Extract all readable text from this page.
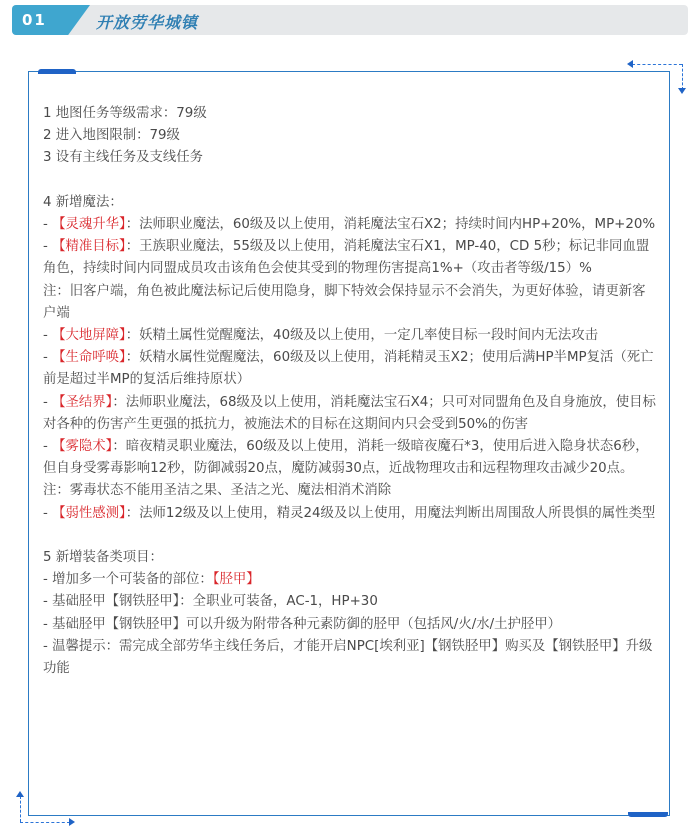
01	开放劳华城镇
1 地图任务等级需求：79级
2 进入地图限制：79级
3 设有主线任务及支线任务
4 新增魔法：
- 【灵魂升华】：法师职业魔法，60级及以上使用，消耗魔法宝石X2；持续时间内HP+20%，MP+20%
- 【精准目标】：王族职业魔法，55级及以上使用，消耗魔法宝石X1，MP-40，CD 5秒；标记非同血盟角色，持续时间内同盟成员攻击该角色会使其受到的物理伤害提高1%+（攻击者等级/15）%
注：旧客户端，角色被此魔法标记后使用隐身，脚下特效会保持显示不会消失，为更好体验，请更新客户端
- 【大地屏障】：妖精土属性觉醒魔法，40级及以上使用，一定几率使目标一段时间内无法攻击
- 【生命呼唤】：妖精水属性觉醒魔法，60级及以上使用，消耗精灵玉X2；使用后满HP半MP复活（死亡前是超过半MP的复活后维持原状）
- 【圣结界】：法师职业魔法，68级及以上使用，消耗魔法宝石X4；只可对同盟角色及自身施放，使目标对各种的伤害产生更强的抵抗力，被施法术的目标在这期间内只会受到50%的伤害
- 【雾隐术】：暗夜精灵职业魔法，60级及以上使用，消耗一级暗夜魔石*3，使用后进入隐身状态6秒，但自身受雾毒影响12秒，防御减弱20点，魔防减弱30点，近战物理攻击和远程物理攻击减少20点。注：雾毒状态不能用圣洁之果、圣洁之光、魔法相消术消除
- 【弱性感测】：法师12级及以上使用，精灵24级及以上使用，用魔法判断出周围敌人所畏惧的属性类型
5 新增装备类项目：
- 增加多一个可装备的部位：【胫甲】
- 基础胫甲【钢铁胫甲】：全职业可装备，AC-1，HP+30
- 基础胫甲【钢铁胫甲】可以升级为附带各种元素防御的胫甲（包括风/火/水/土护胫甲）
- 温馨提示：需完成全部劳华主线任务后，才能开启NPC[埃利亚]【钢铁胫甲】购买及【钢铁胫甲】升级功能
